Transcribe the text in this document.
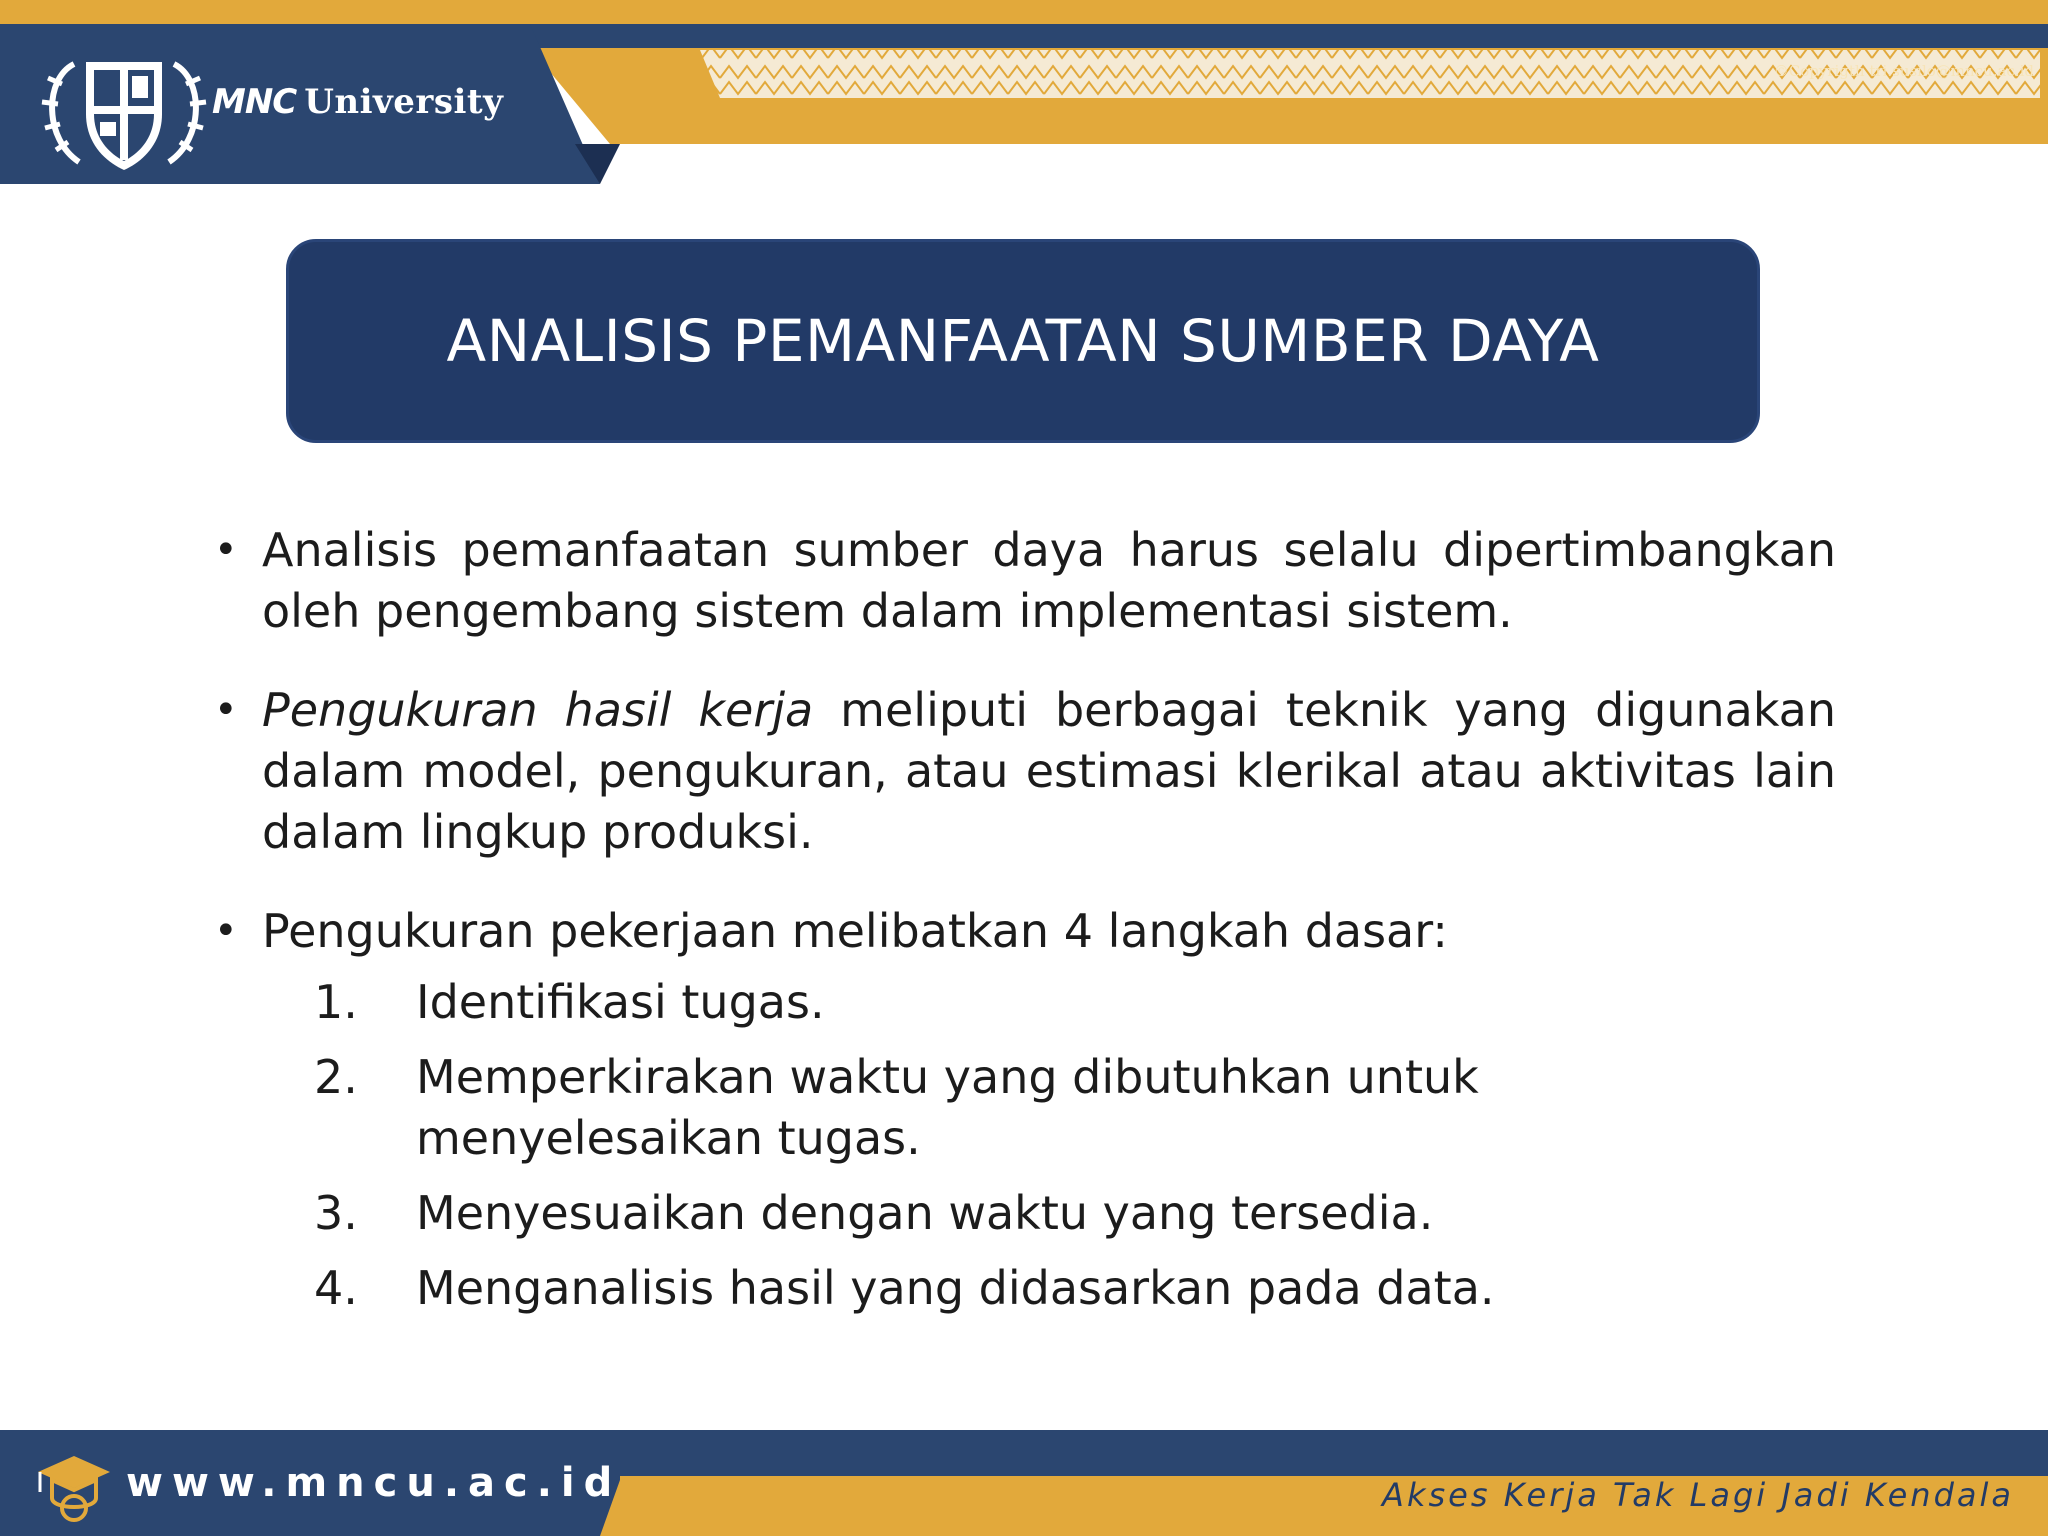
MNC University
©Copyrigth tri.susilo@mncu.ac.id
ANALISIS PEMANFAATAN SUMBER DAYA
• Analisis pemanfaatan sumber daya harus selalu dipertimbangkan oleh pengembang sistem dalam implementasi sistem.
• Pengukuran hasil kerja meliputi berbagai teknik yang digunakan dalam model, pengukuran, atau estimasi klerikal atau aktivitas lain dalam lingkup produksi.
• Pengukuran pekerjaan melibatkan 4 langkah dasar:
1. Identifikasi tugas.
2. Memperkirakan waktu yang dibutuhkan untuk menyelesaikan tugas.
3. Menyesuaikan dengan waktu yang tersedia.
4. Menganalisis hasil yang didasarkan pada data.
www.mncu.ac.id	Akses Kerja Tak Lagi Jadi Kendala
